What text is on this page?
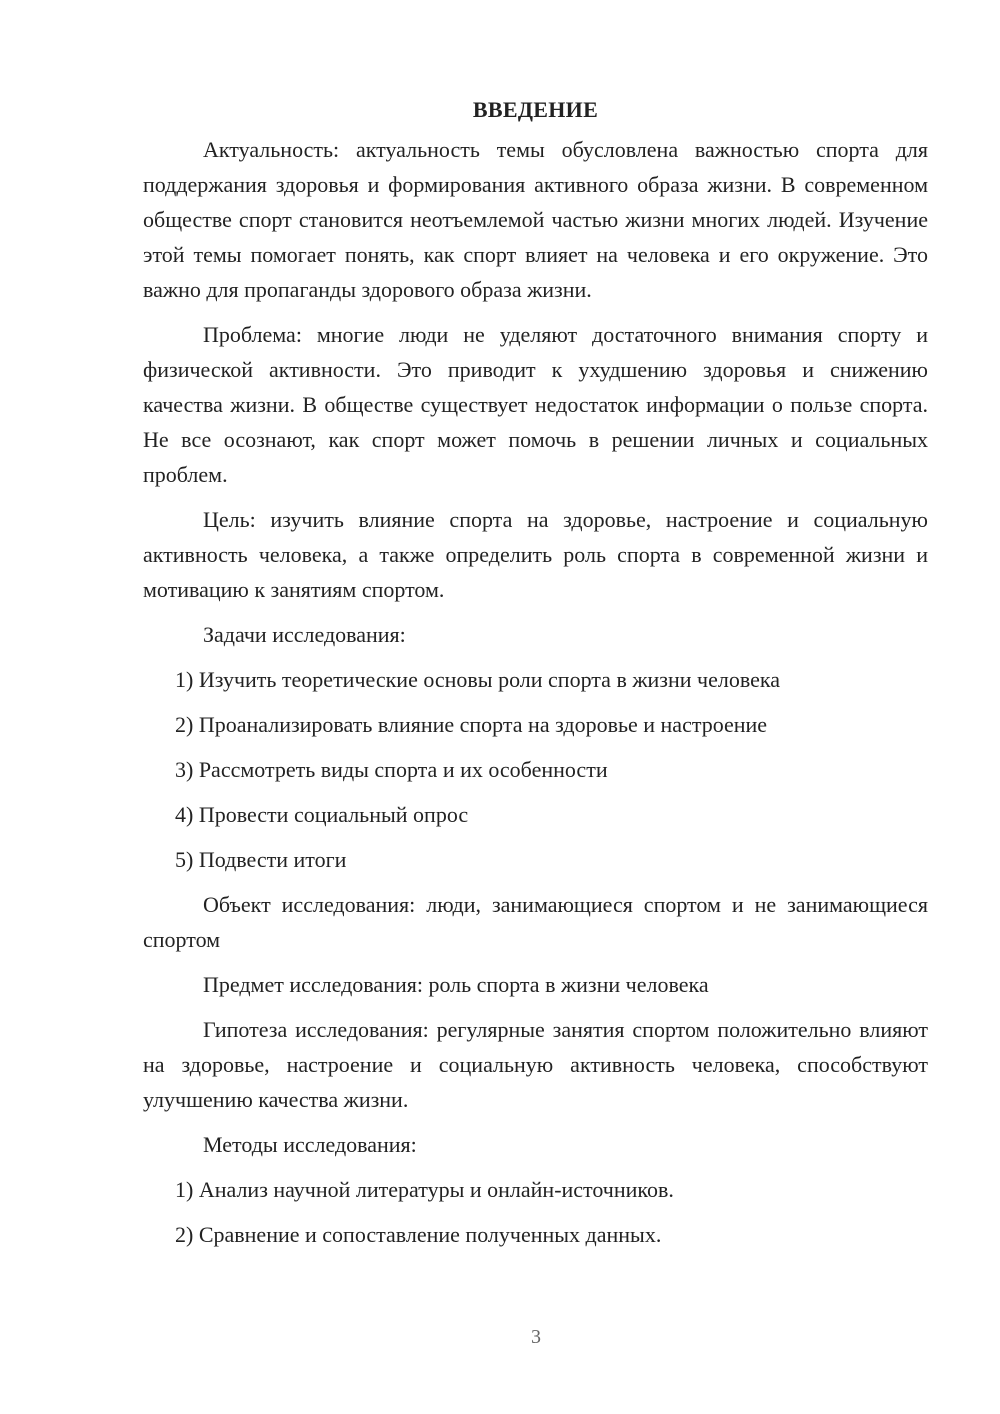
ВВЕДЕНИЕ

Актуальность: актуальность темы обусловлена важностью спорта для поддержания здоровья и формирования активного образа жизни. В современном обществе спорт становится неотъемлемой частью жизни многих людей. Изучение этой темы помогает понять, как спорт влияет на человека и его окружение. Это важно для пропаганды здорового образа жизни.

Проблема: многие люди не уделяют достаточного внимания спорту и физической активности. Это приводит к ухудшению здоровья и снижению качества жизни. В обществе существует недостаток информации о пользе спорта. Не все осознают, как спорт может помочь в решении личных и социальных проблем.

Цель: изучить влияние спорта на здоровье, настроение и социальную активность человека, а также определить роль спорта в современной жизни и мотивацию к занятиям спортом.

Задачи исследования:

1) Изучить теоретические основы роли спорта в жизни человека
2) Проанализировать влияние спорта на здоровье и настроение
3) Рассмотреть виды спорта и их особенности
4) Провести социальный опрос
5) Подвести итоги

Объект исследования: люди, занимающиеся спортом и не занимающиеся спортом

Предмет исследования: роль спорта в жизни человека

Гипотеза исследования: регулярные занятия спортом положительно влияют на здоровье, настроение и социальную активность человека, способствуют улучшению качества жизни.

Методы исследования:

1) Анализ научной литературы и онлайн-источников.
2) Сравнение и сопоставление полученных данных.
3
